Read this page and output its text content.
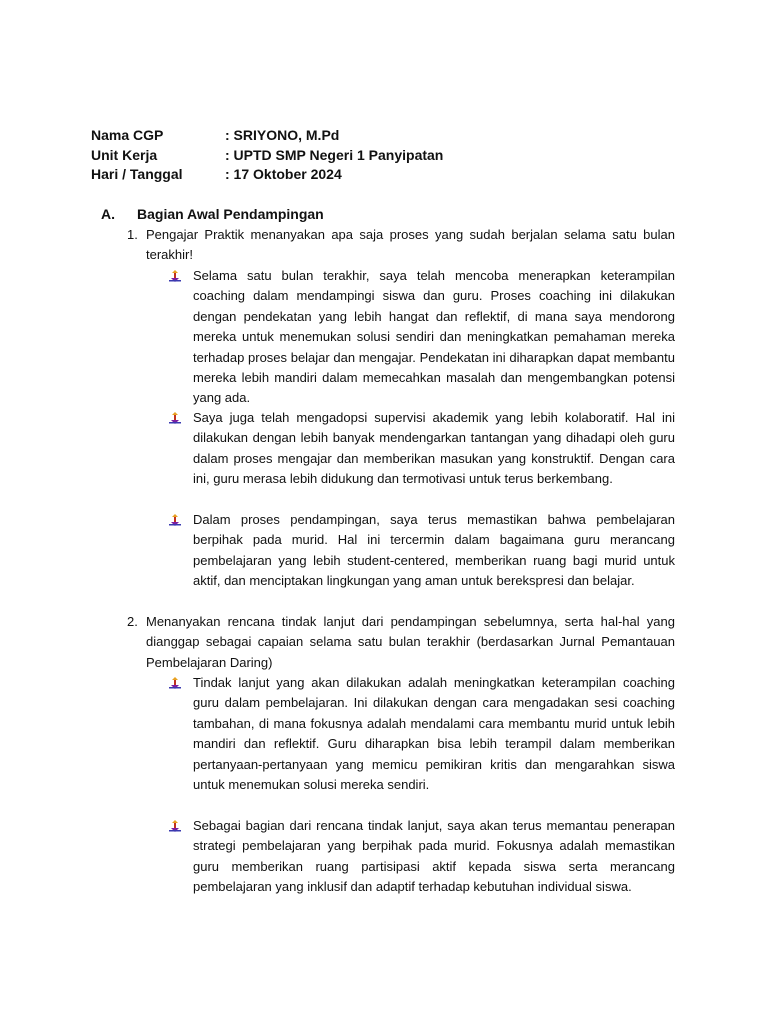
Nama CGP	: SRIYONO, M.Pd
Unit Kerja	: UPTD SMP Negeri 1 Panyipatan
Hari / Tanggal	: 17 Oktober 2024
A. Bagian Awal Pendampingan
1. Pengajar Praktik menanyakan apa saja proses yang sudah berjalan selama satu bulan terakhir!
Selama satu bulan terakhir, saya telah mencoba menerapkan keterampilan coaching dalam mendampingi siswa dan guru. Proses coaching ini dilakukan dengan pendekatan yang lebih hangat dan reflektif, di mana saya mendorong mereka untuk menemukan solusi sendiri dan meningkatkan pemahaman mereka terhadap proses belajar dan mengajar. Pendekatan ini diharapkan dapat membantu mereka lebih mandiri dalam memecahkan masalah dan mengembangkan potensi yang ada.
Saya juga telah mengadopsi supervisi akademik yang lebih kolaboratif. Hal ini dilakukan dengan lebih banyak mendengarkan tantangan yang dihadapi oleh guru dalam proses mengajar dan memberikan masukan yang konstruktif. Dengan cara ini, guru merasa lebih didukung dan termotivasi untuk terus berkembang.
Dalam proses pendampingan, saya terus memastikan bahwa pembelajaran berpihak pada murid. Hal ini tercermin dalam bagaimana guru merancang pembelajaran yang lebih student-centered, memberikan ruang bagi murid untuk aktif, dan menciptakan lingkungan yang aman untuk berekspresi dan belajar.
2. Menanyakan rencana tindak lanjut dari pendampingan sebelumnya, serta hal-hal yang dianggap sebagai capaian selama satu bulan terakhir (berdasarkan Jurnal Pemantauan Pembelajaran Daring)
Tindak lanjut yang akan dilakukan adalah meningkatkan keterampilan coaching guru dalam pembelajaran. Ini dilakukan dengan cara mengadakan sesi coaching tambahan, di mana fokusnya adalah mendalami cara membantu murid untuk lebih mandiri dan reflektif. Guru diharapkan bisa lebih terampil dalam memberikan pertanyaan-pertanyaan yang memicu pemikiran kritis dan mengarahkan siswa untuk menemukan solusi mereka sendiri.
Sebagai bagian dari rencana tindak lanjut, saya akan terus memantau penerapan strategi pembelajaran yang berpihak pada murid. Fokusnya adalah memastikan guru memberikan ruang partisipasi aktif kepada siswa serta merancang pembelajaran yang inklusif dan adaptif terhadap kebutuhan individual siswa.
